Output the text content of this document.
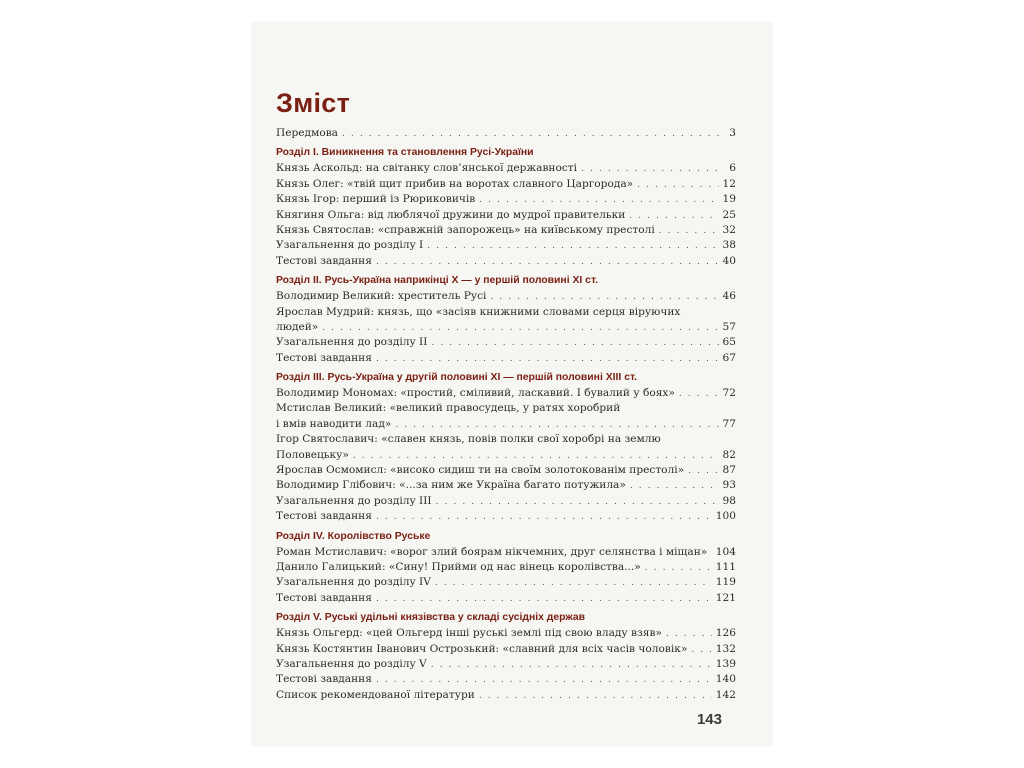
Зміст
Передмова . . .	3
Розділ І. Виникнення та становлення Русі-України
Князь Аскольд: на світанку слов’янської державності . . .	6
Князь Олег: «твій щит прибив на воротах славного Царгорода» . . .	12
Князь Ігор: перший із Рюриковичів . . .	19
Княгиня Ольга: від люблячої дружини до мудрої правительки . . .	25
Князь Святослав: «справжній запорожець» на київському престолі . . .	32
Узагальнення до розділу І . . .	38
Тестові завдання . . .	40
Розділ ІІ. Русь-Україна наприкінці Х — у першій половині ХІ ст.
Володимир Великий: хреститель Русі . . .	46
Ярослав Мудрий: князь, що «засіяв книжними словами серця віруючих
людей» . . .	57
Узагальнення до розділу ІІ . . .	65
Тестові завдання . . .	67
Розділ ІІІ. Русь-Україна у другій половині ХІ — першій половині ХІІІ ст.
Володимир Мономах: «простий, сміливий, ласкавий. І бувалий у боях» . . .	72
Мстислав Великий: «великий правосудець, у ратях хоробрий
і вмів наводити лад» . . .	77
Ігор Святославич: «славен князь, повів полки свої хоробрі на землю
Половецьку» . . .	82
Ярослав Осмомисл: «високо сидиш ти на своїм золотокованім престолі» . . .	87
Володимир Глібович: «...за ним же Україна багато потужила» . . .	93
Узагальнення до розділу ІІІ . . .	98
Тестові завдання . . .	100
Розділ IV. Королівство Руське
Роман Мстиславич: «ворог злий боярам нікчемних, друг селянства і міщан» . . . 104
Данило Галицький: «Сину! Прийми од нас вінець королівства...» . . .	111
Узагальнення до розділу IV . . .	119
Тестові завдання . . .	121
Розділ V. Руські удільні князівства у складі сусідніх держав
Князь Ольгерд: «цей Ольгерд інші руські землі під свою владу взяв» . . .	126
Князь Костянтин Іванович Острозький: «славний для всіх часів чоловік» . . .	132
Узагальнення до розділу V . . .	139
Тестові завдання . . .	140
Список рекомендованої літератури . . .	142
143
